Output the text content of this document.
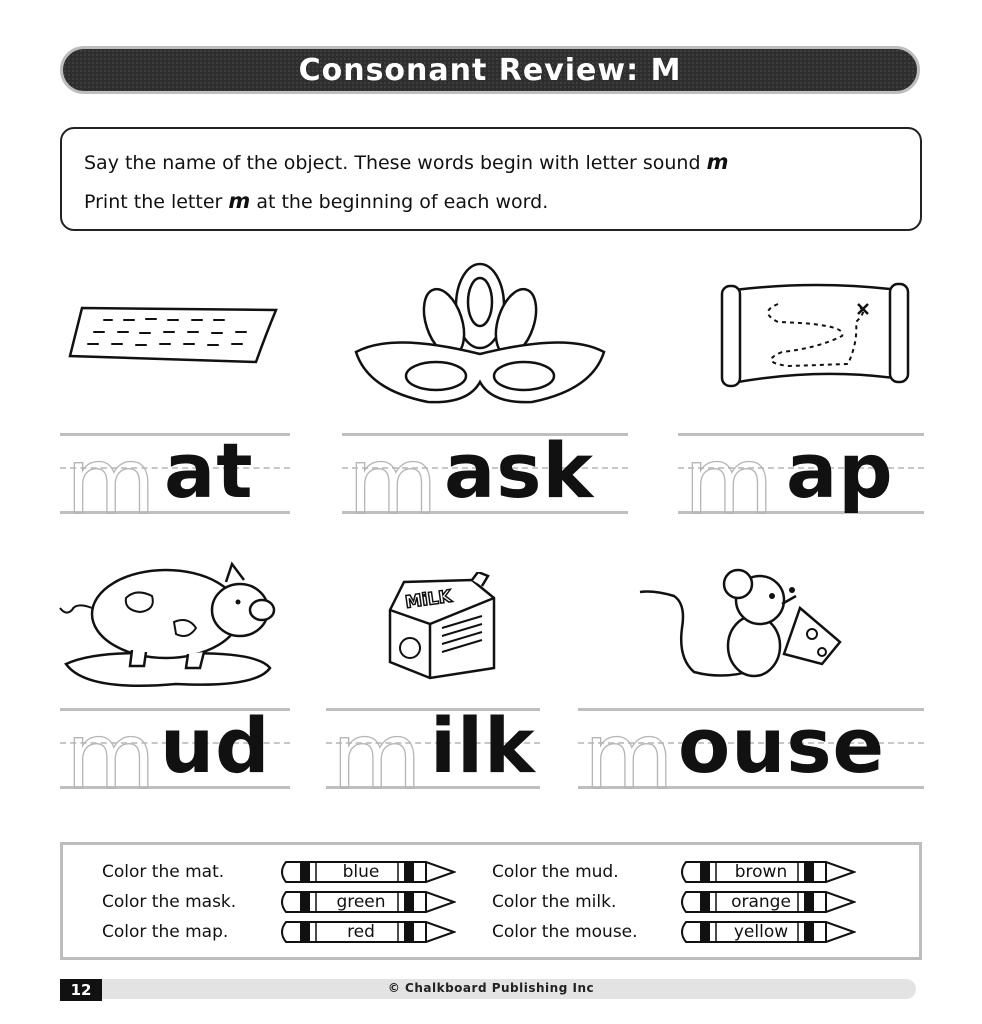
Consonant Review: M
Say the name of the object. These words begin with letter sound m
Print the letter m at the beginning of each word.
MiLK
m at m ask m ap
m ud m ilk m ouse
Color the mat.
Color the mask.
Color the map.
Color the mud.
Color the milk.
Color the mouse.
blue
green
red
brown
orange
yellow
12	© Chalkboard Publishing Inc
